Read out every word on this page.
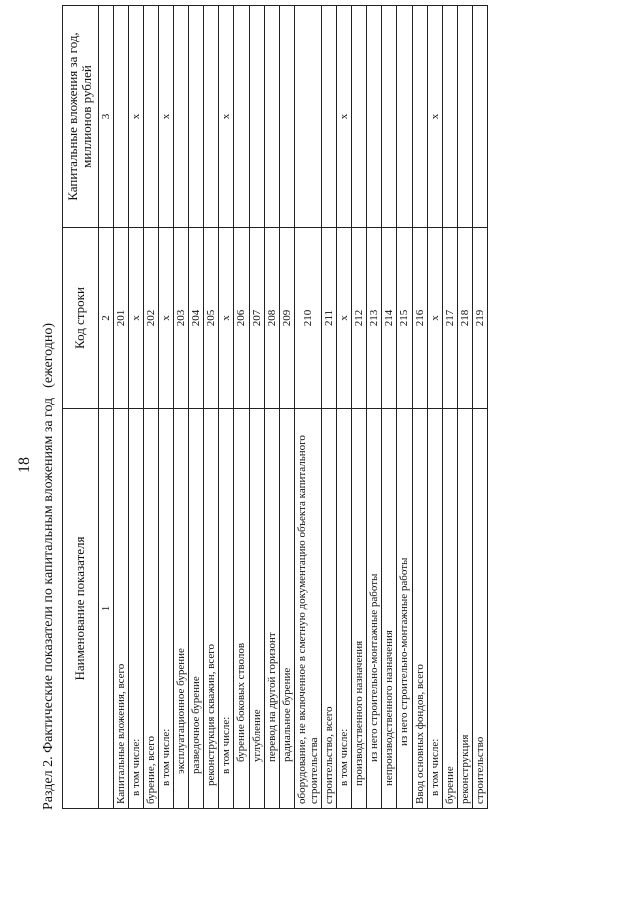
18 Раздел 2. Фактические показатели по капитальным вложениям за год(ежегодно)
Наименование показателя	Код строки	Капитальные вложения за год, миллионов рублей
1	2	3
Капитальные вложения, всего	201	
в том числе:	x	x
бурение, всего	202	
в том числе:	x	x
эксплуатационное бурение	203	
разведочное бурение	204	
реконструкция скважин, всего	205	
в том числе:	x	x
бурение боковых стволов	206	
углубление	207	
перевод на другой горизонт	208	
радиальное бурение	209	
оборудование, не включенное в сметную документацию объекта капитального строительства	210	
строительство, всего	211	
в том числе:	x	x
производственного назначения	212	
из него строительно-монтажные работы	213	
непроизводственного назначения	214	
из него строительно-монтажные работы	215	
Ввод основных фондов, всего	216	
в том числе:	x	x
бурение	217	
реконструкция	218	
строительство	219	
